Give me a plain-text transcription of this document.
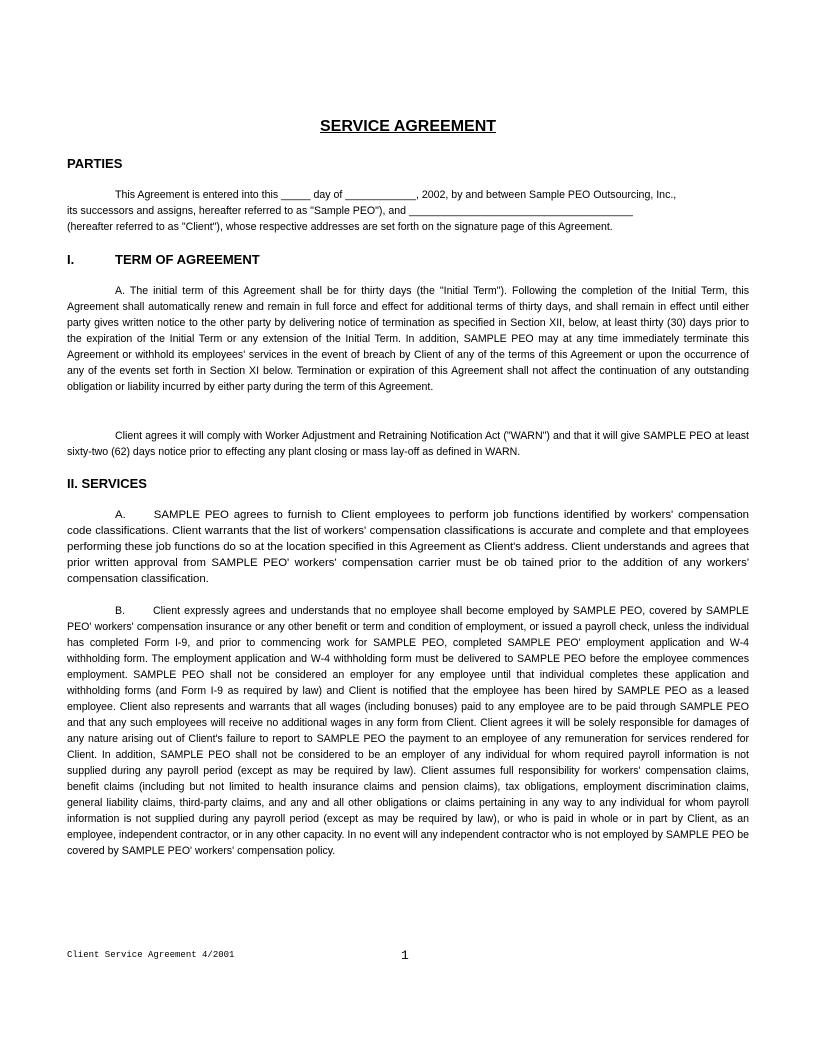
SERVICE AGREEMENT
PARTIES
This Agreement is entered into this _____ day of ____________, 2002, by and between Sample PEO Outsourcing, Inc.,
its successors and assigns, hereafter referred to as "Sample PEO"), and ______________________________________
(hereafter referred to as "Client"), whose respective addresses are set forth on the signature page of this Agreement.
I.	TERM OF AGREEMENT

A. The initial term of this Agreement shall be for thirty days (the "Initial Term"). Following the completion of the Initial Term, this Agreement shall automatically renew and remain in full force and effect for additional terms of thirty days, and shall remain in effect until either party gives written notice to the other party by delivering notice of termination as specified in Section XII, below, at least thirty (30) days prior to the expiration of the Initial Term or any extension of the Initial Term. In addition, SAMPLE PEO may at any time immediately terminate this Agreement or withhold its employees' services in the event of breach by Client of any of the terms of this Agreement or upon the occurrence of any of the events set forth in Section XI below. Termination or expiration of this Agreement shall not affect the continuation of any outstanding obligation or liability incurred by either party during the term of this Agreement.

Client agrees it will comply with Worker Adjustment and Retraining Notification Act ("WARN") and that it will give SAMPLE PEO at least sixty-two (62) days notice prior to effecting any plant closing or mass lay-off as defined in WARN.

II. SERVICES

A. SAMPLE PEO agrees to furnish to Client employees to perform job functions identified by workers' compensation code classifications. Client warrants that the list of workers' compensation classifications is accurate and complete and that employees performing these job functions do so at the location specified in this Agreement as Client's address. Client understands and agrees that prior written approval from SAMPLE PEO' workers' compensation carrier must be ob tained prior to the addition of any workers' compensation classification.

B.	Client expressly agrees and understands that no employee shall become employed by SAMPLE PEO, covered by SAMPLE PEO' workers' compensation insurance or any other benefit or term and condition of employment, or issued a payroll check, unless the individual has completed Form I-9, and prior to commencing work for SAMPLE PEO, completed SAMPLE PEO' employment application and W-4 withholding form. The employment application and W-4 withholding form must be delivered to SAMPLE PEO before the employee commences employment. SAMPLE PEO shall not be considered an employer for any employee until that individual completes these application and withholding forms (and Form I-9 as required by law) and Client is notified that the employee has been hired by SAMPLE PEO as a leased employee. Client also represents and warrants that all wages (including bonuses) paid to any employee are to be paid through SAMPLE PEO and that any such employees will receive no additional wages in any form from Client. Client agrees it will be solely responsible for damages of any nature arising out of Client's failure to report to SAMPLE PEO the payment to an employee of any remuneration for services rendered for Client. In addition, SAMPLE PEO shall not be considered to be an employer of any individual for whom required payroll information is not supplied during any payroll period (except as may be required by law). Client assumes full responsibility for workers' compensation claims, benefit claims (including but not limited to health insurance claims and pension claims), tax obligations, employment discrimination claims, general liability claims, third-party claims, and any and all other obligations or claims pertaining in any way to any individual for whom payroll information is not supplied during any payroll period (except as may be required by law), or who is paid in whole or in part by Client, as an employee, independent contractor, or in any other capacity. In no event will any independent contractor who is not employed by SAMPLE PEO be covered by SAMPLE PEO' workers' compensation policy.

Client Service Agreement 4/2001	1
